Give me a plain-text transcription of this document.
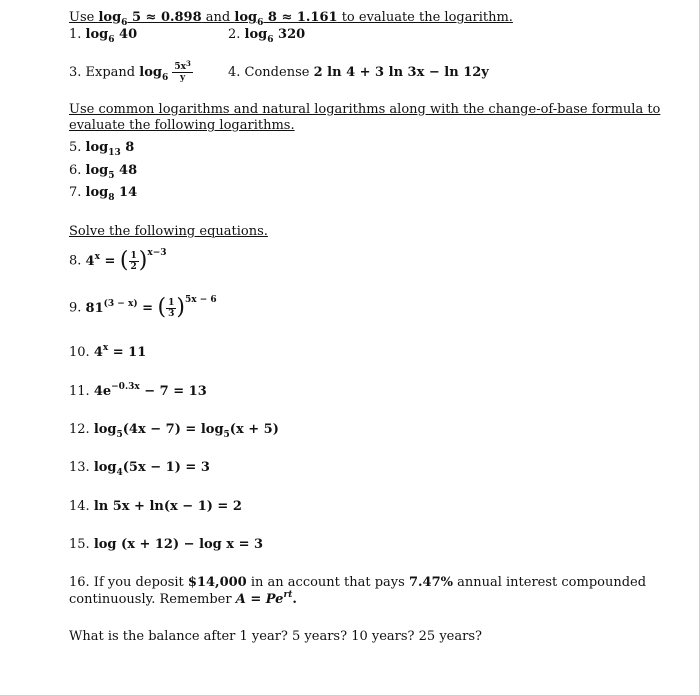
Use $\log_6 5 \approx 0.898$ and $\log_6 8 \approx 1.161$ to evaluate the logarithm.
1. $\log_6 40$	2. $\log_6 320$
3. Expand $\log_6 \frac{5x^3}{y}$	4. Condense 2 ln 4 + 3 ln 3x − ln 12y
Use common logarithms and natural logarithms along with the change-of-base formula to
evaluate the following logarithms.
5. $\log_{13} 8$
6. $\log_5 48$
7. $\log_8 14$
Solve the following equations.
8. $4^x$ = ( $\frac{1}{2} )^{x-3}$
9. $81^{(3 - x)}$ = ( $\frac{1}{3} )^{5x - 6}$
10. $4^x = 11$
11. $4e^{-0.3x} - 7 = 13$
12. $\log_5(4x - 7) = \log_5(x + 5)$
13. $\log_4(5x - 1) = 3$
14. ln 5x + ln(x − 1) = 2
15. log (x + 12) − log x = 3
16. If you deposit $14,000 in an account that pays 7.47% annual interest compounded
continuously. Remember $A = Pe^{rt}$.
What is the balance after 1 year? 5 years? 10 years? 25 years?
